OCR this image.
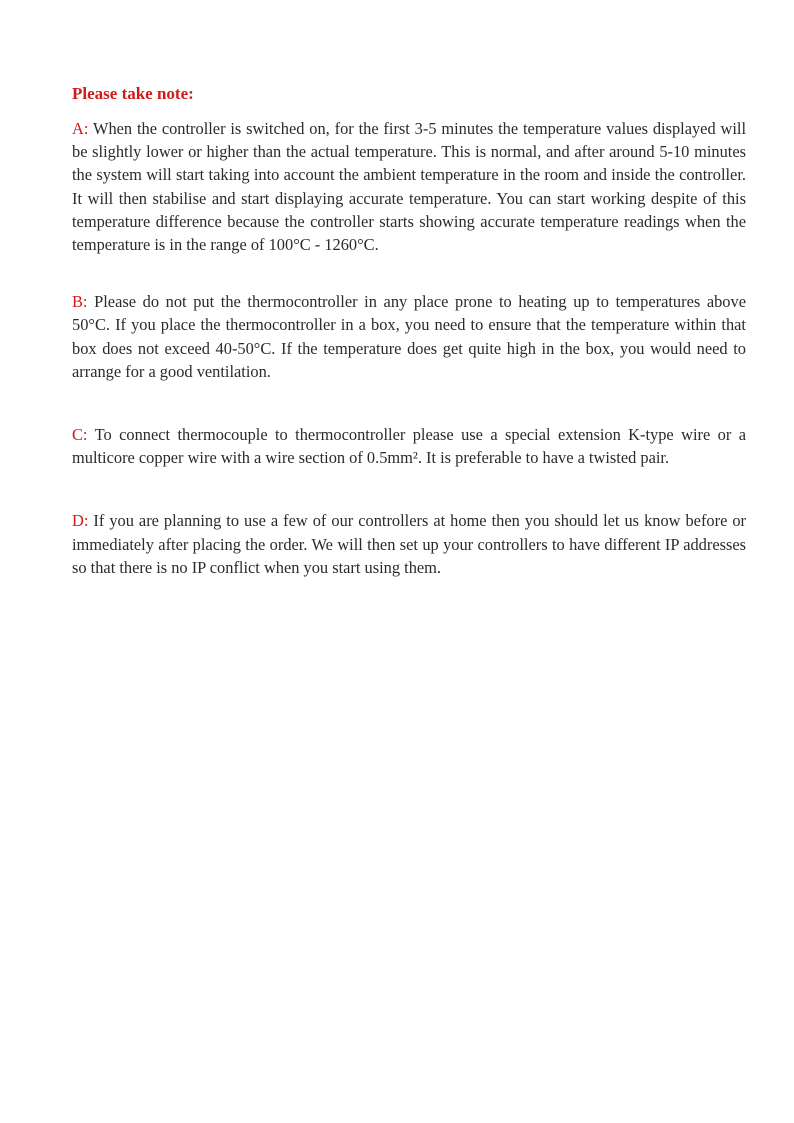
Please take note:

A: When the controller is switched on, for the first 3-5 minutes the temperature values displayed will be slightly lower or higher than the actual temperature. This is normal, and after around 5-10 minutes the system will start taking into account the ambient temperature in the room and inside the controller. It will then stabilise and start displaying accurate temperature. You can start working despite of this temperature difference because the controller starts showing accurate temperature readings when the temperature is in the range of 100°C - 1260°C.

B: Please do not put the thermocontroller in any place prone to heating up to temperatures above 50°C. If you place the thermocontroller in a box, you need to ensure that the temperature within that box does not exceed 40-50°C. If the temperature does get quite high in the box, you would need to arrange for a good ventilation.

C: To connect thermocouple to thermocontroller please use a special extension K-type wire or a multicore copper wire with a wire section of 0.5mm². It is preferable to have a twisted pair.

D: If you are planning to use a few of our controllers at home then you should let us know before or immediately after placing the order. We will then set up your controllers to have different IP addresses so that there is no IP conflict when you start using them.
